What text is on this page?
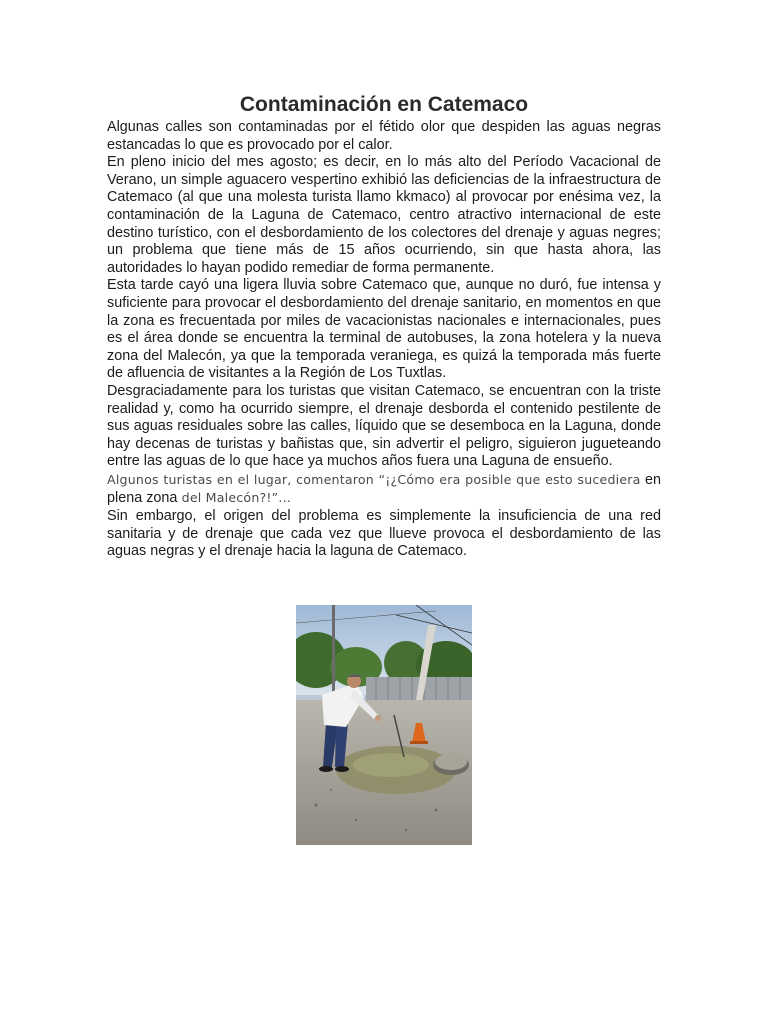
Contaminación en Catemaco

Algunas calles son contaminadas por el fétido olor que despiden las aguas negras estancadas lo que es provocado por el calor.

En pleno inicio del mes agosto; es decir, en lo más alto del Período Vacacional de Verano, un simple aguacero vespertino exhibió las deficiencias de la infraestructura de Catemaco (al que una molesta turista llamo kkmaco) al provocar por enésima vez, la contaminación de la Laguna de Catemaco, centro atractivo internacional de este destino turístico, con el desbordamiento de los colectores del drenaje y aguas negres; un problema que tiene más de 15 años ocurriendo, sin que hasta ahora, las autoridades lo hayan podido remediar de forma permanente.

Esta tarde cayó una ligera lluvia sobre Catemaco que, aunque no duró, fue intensa y suficiente para provocar el desbordamiento del drenaje sanitario, en momentos en que la zona es frecuentada por miles de vacacionistas nacionales e internacionales, pues es el área donde se encuentra la terminal de autobuses, la zona hotelera y la nueva zona del Malecón, ya que la temporada veraniega, es quizá la temporada más fuerte de afluencia de visitantes a la Región de Los Tuxtlas.

Desgraciadamente para los turistas que visitan Catemaco, se encuentran con la triste realidad y, como ha ocurrido siempre, el drenaje desborda el contenido pestilente de sus aguas residuales sobre las calles, líquido que se desemboca en la Laguna, donde hay decenas de turistas y bañistas que, sin advertir el peligro, siguieron jugueteando entre las aguas de lo que hace ya muchos años fuera una Laguna de ensueño.

Algunos turistas en el lugar, comentaron “¡¿Cómo era posible que esto sucediera en plena zona del Malecón?!”...

Sin embargo, el origen del problema es simplemente la insuficiencia de una red sanitaria y de drenaje que cada vez que llueve provoca el desbordamiento de las aguas negras y el drenaje hacia la laguna de Catemaco.
